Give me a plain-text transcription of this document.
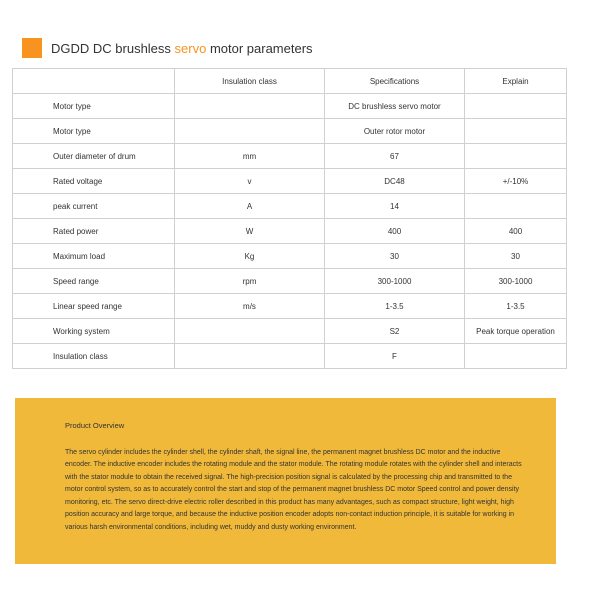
DGDD DC brushless servo motor parameters
	Insulation class	Specifications	Explain
Motor type		DC brushless servo motor	
Motor type		Outer rotor motor	
Outer diameter of drum	mm	67	
Rated voltage	v	DC48	+/-10%
peak current	A	14	
Rated power	W	400	400
Maximum load	Kg	30	30
Speed range	rpm	300-1000	300-1000
Linear speed range	m/s	1-3.5	1-3.5
Working system		S2	Peak torque operation
Insulation class		F	
Product Overview
The servo cylinder includes the cylinder shell, the cylinder shaft, the signal line, the permanent magnet brushless DC motor and the inductive encoder. The inductive encoder includes the rotating module and the stator module. The rotating module rotates with the cylinder shell and interacts with the stator module to obtain the received signal. The high-precision position signal is calculated by the processing chip and transmitted to the motor control system, so as to accurately control the start and stop of the permanent magnet brushless DC motor Speed control and power density monitoring, etc. The servo direct-drive electric roller described in this product has many advantages, such as compact structure, light weight, high position accuracy and large torque, and because the inductive position encoder adopts non-contact induction principle, it is suitable for working in various harsh environmental conditions, including wet, muddy and dusty working environment.
